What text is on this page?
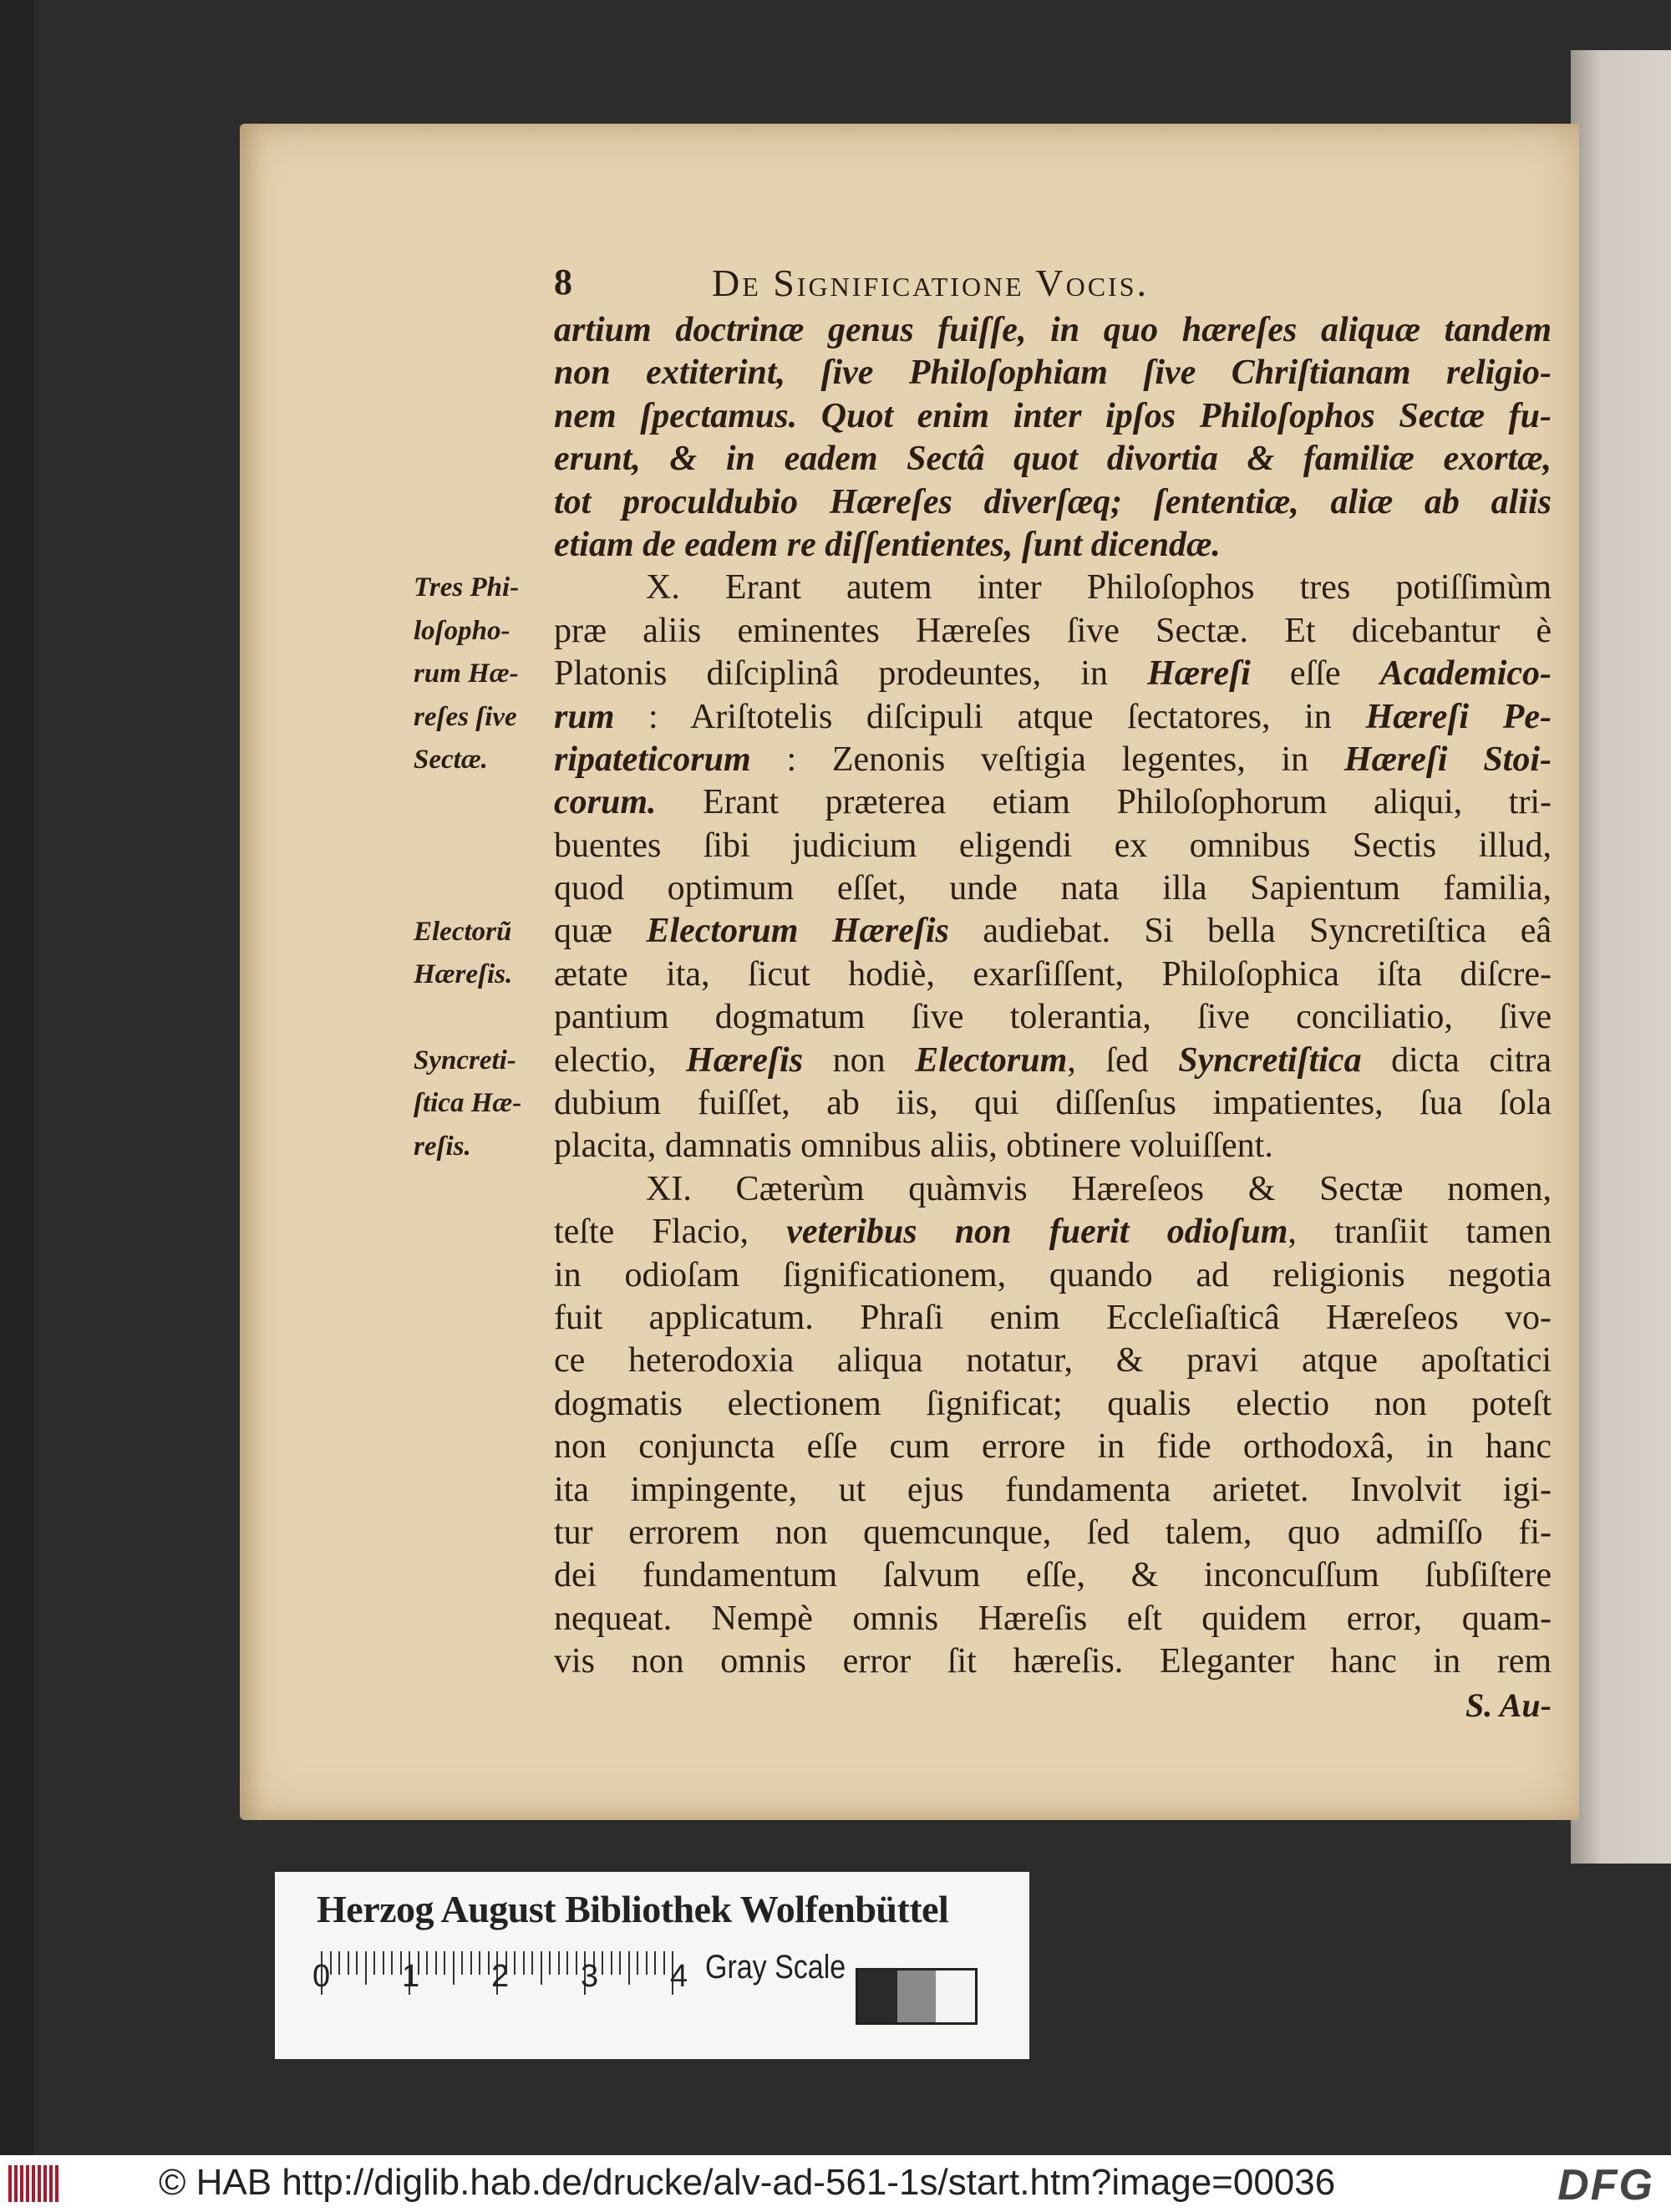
8	De Significatione Vocis.
artium doctrinæ genus fuiſſe, in quo hæreſes aliquæ tandem
non extiterint, ſive Philoſophiam ſive Chriſtianam religio-
nem ſpectamus. Quot enim inter ipſos Philoſophos Sectæ fu-
erunt, & in eadem Sectâ quot divortia & familiæ exortæ,
tot proculdubio Hæreſes diverſæq; ſententiæ, aliæ ab aliis
etiam de eadem re diſſentientes, ſunt dicendæ.
X. Erant autem inter Philoſophos tres potiſſimùm
præ aliis eminentes Hæreſes ſive Sectæ. Et dicebantur è
Platonis diſciplinâ prodeuntes, in Hæreſi eſſe Academico-
rum : Ariſtotelis diſcipuli atque ſectatores, in Hæreſi Pe-
ripateticorum : Zenonis veſtigia legentes, in Hæreſi Stoi-
corum. Erant præterea etiam Philoſophorum aliqui, tri-
buentes ſibi judicium eligendi ex omnibus Sectis illud,
quod optimum eſſet, unde nata illa Sapientum familia,
quæ Electorum Hæreſis audiebat. Si bella Syncretiſtica eâ
ætate ita, ſicut hodiè, exarſiſſent, Philoſophica iſta diſcre-
pantium dogmatum ſive tolerantia, ſive conciliatio, ſive
electio, Hæreſis non Electorum, ſed Syncretiſtica dicta citra
dubium fuiſſet, ab iis, qui diſſenſus impatientes, ſua ſola
placita, damnatis omnibus aliis, obtinere voluiſſent.
XI. Cæterùm quàmvis Hæreſeos & Sectæ nomen,
teſte Flacio, veteribus non fuerit odioſum, tranſiit tamen
in odioſam ſignificationem, quando ad religionis negotia
fuit applicatum. Phraſi enim Eccleſiaſticâ Hæreſeos vo-
ce heterodoxia aliqua notatur, & pravi atque apoſtatici
dogmatis electionem ſignificat; qualis electio non poteſt
non conjuncta eſſe cum errore in fide orthodoxâ, in hanc
ita impingente, ut ejus fundamenta arietet. Involvit igi-
tur errorem non quemcunque, ſed talem, quo admiſſo fi-
dei fundamentum ſalvum eſſe, & inconcuſſum ſubſiſtere
nequeat. Nempè omnis Hæreſis eſt quidem error, quam-
vis non omnis error ſit hæreſis. Eleganter hanc in rem
S. Au-
Tres Phi-
loſopho-
rum Hæ-
reſes ſive
Sectæ.
Electorũ
Hæreſis.
Syncreti-
ſtica Hæ-
reſis.
Herzog August Bibliothek Wolfenbüttel
Gray Scale
0 1 2 3 4
© HAB http://diglib.hab.de/drucke/alv-ad-561-1s/start.htm?image=00036	DFG
